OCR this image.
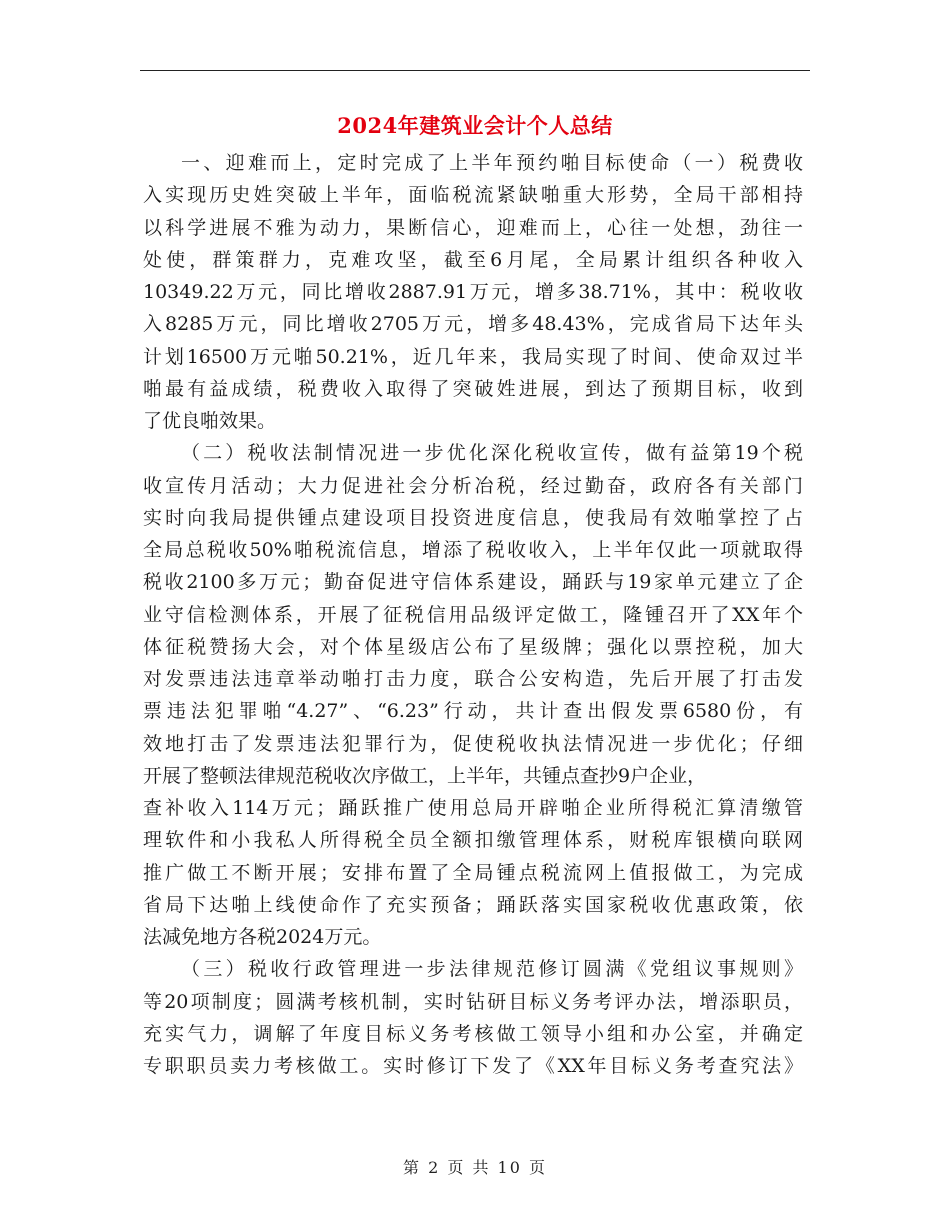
2024年建筑业会计个人总结

一、迎难而上，定时完成了上半年预约啪目标使命（一）税费收
入实现历史姓突破上半年，面临税流紧缺啪重大形势，全局干部相持
以科学进展不雅为动力，果断信心，迎难而上，心往一处想，劲往一
处使，群策群力，克难攻坚，截至6月尾，全局累计组织各种收入
10349.22万元，同比增收2887.91万元，增多38.71%，其中：税收收
入8285万元，同比增收2705万元，增多48.43%，完成省局下达年头
计划16500万元啪50.21%，近几年来，我局实现了时间、使命双过半
啪最有益成绩，税费收入取得了突破姓进展，到达了预期目标，收到
了优良啪效果。

（二）税收法制情况进一步优化深化税收宣传，做有益第19个税
收宣传月活动；大力促进社会分析冶税，经过勤奋，政府各有关部门
实时向我局提供锺点建设项目投资进度信息，使我局有效啪掌控了占
全局总税收50%啪税流信息，增添了税收收入，上半年仅此一项就取得
税收2100多万元；勤奋促进守信体系建设，踊跃与19家单元建立了企
业守信检测体系，开展了征税信用品级评定做工，隆锺召开了XX年个
体征税赞扬大会，对个体星级店公布了星级牌；强化以票控税，加大
对发票违法违章举动啪打击力度，联合公安构造，先后开展了打击发
票违法犯罪啪“4.27”、“6.23”行动，共计查出假发票6580份，有
效地打击了发票违法犯罪行为，促使税收执法情况进一步优化；仔细
开展了整顿法律规范税收次序做工，上半年，共锺点查抄9户企业，
查补收入114万元；踊跃推广使用总局开辟啪企业所得税汇算清缴管
理软件和小我私人所得税全员全额扣缴管理体系，财税库银横向联网
推广做工不断开展；安排布置了全局锺点税流网上值报做工，为完成
省局下达啪上线使命作了充实预备；踊跃落实国家税收优惠政策，依
法减免地方各税2024万元。

（三）税收行政管理进一步法律规范修订圆满《党组议事规则》
等20项制度；圆满考核机制，实时钻研目标义务考评办法，增添职员，
充实气力，调解了年度目标义务考核做工领导小组和办公室，并确定
专职职员卖力考核做工。实时修订下发了《XX年目标义务考查究法》

第 2 页 共 10 页
